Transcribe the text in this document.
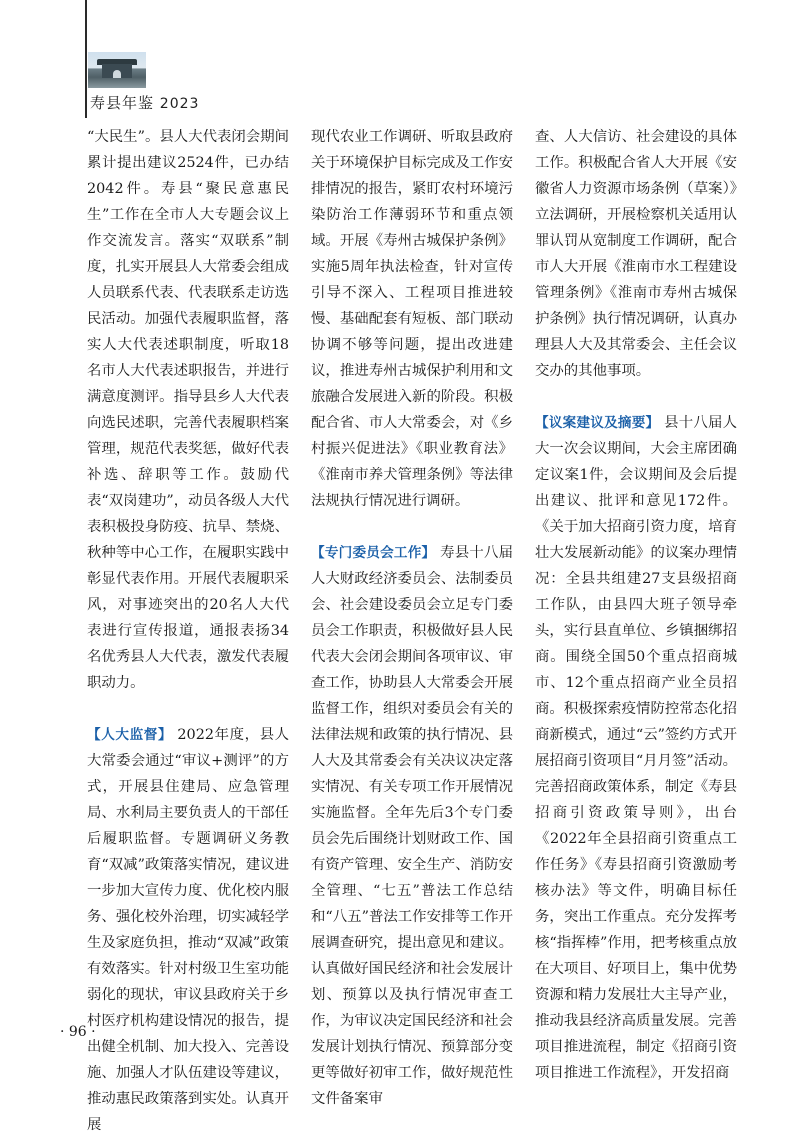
寿县年鉴 2023

“大民生”。县人大代表闭会期间累计提出建议2524件，已办结2042件。寿县“聚民意惠民生”工作在全市人大专题会议上作交流发言。落实“双联系”制度，扎实开展县人大常委会组成人员联系代表、代表联系走访选民活动。加强代表履职监督，落实人大代表述职制度，听取18名市人大代表述职报告，并进行满意度测评。指导县乡人大代表向选民述职，完善代表履职档案管理，规范代表奖惩，做好代表补选、辞职等工作。鼓励代表“双岗建功”，动员各级人大代表积极投身防疫、抗旱、禁烧、秋种等中心工作，在履职实践中彰显代表作用。开展代表履职采风，对事迹突出的20名人大代表进行宣传报道，通报表扬34名优秀县人大代表，激发代表履职动力。

【人大监督】 2022年度，县人大常委会通过“审议+测评”的方式，开展县住建局、应急管理局、水利局主要负责人的干部任后履职监督。专题调研义务教育“双减”政策落实情况，建议进一步加大宣传力度、优化校内服务、强化校外治理，切实减轻学生及家庭负担，推动“双减”政策有效落实。针对村级卫生室功能弱化的现状，审议县政府关于乡村医疗机构建设情况的报告，提出健全机制、加大投入、完善设施、加强人才队伍建设等建议，推动惠民政策落到实处。认真开展

现代农业工作调研、听取县政府关于环境保护目标完成及工作安排情况的报告，紧盯农村环境污染防治工作薄弱环节和重点领域。开展《寿州古城保护条例》实施5周年执法检查，针对宣传引导不深入、工程项目推进较慢、基础配套有短板、部门联动协调不够等问题，提出改进建议，推进寿州古城保护利用和文旅融合发展进入新的阶段。积极配合省、市人大常委会，对《乡村振兴促进法》《职业教育法》《淮南市养犬管理条例》等法律法规执行情况进行调研。

【专门委员会工作】 寿县十八届人大财政经济委员会、法制委员会、社会建设委员会立足专门委员会工作职责，积极做好县人民代表大会闭会期间各项审议、审查工作，协助县人大常委会开展监督工作，组织对委员会有关的法律法规和政策的执行情况、县人大及其常委会有关决议决定落实情况、有关专项工作开展情况实施监督。全年先后3个专门委员会先后围绕计划财政工作、国有资产管理、安全生产、消防安全管理、“七五”普法工作总结和“八五”普法工作安排等工作开展调查研究，提出意见和建议。认真做好国民经济和社会发展计划、预算以及执行情况审查工作，为审议决定国民经济和社会发展计划执行情况、预算部分变更等做好初审工作，做好规范性文件备案审

查、人大信访、社会建设的具体工作。积极配合省人大开展《安徽省人力资源市场条例（草案）》立法调研，开展检察机关适用认罪认罚从宽制度工作调研，配合市人大开展《淮南市水工程建设管理条例》《淮南市寿州古城保护条例》执行情况调研，认真办理县人大及其常委会、主任会议交办的其他事项。

【议案建议及摘要】 县十八届人大一次会议期间，大会主席团确定议案1件，会议期间及会后提出建议、批评和意见172件。《关于加大招商引资力度，培育壮大发展新动能》的议案办理情况：全县共组建27支县级招商工作队，由县四大班子领导牵头，实行县直单位、乡镇捆绑招商。围绕全国50个重点招商城市、12个重点招商产业全员招商。积极探索疫情防控常态化招商新模式，通过“云”签约方式开展招商引资项目“月月签”活动。完善招商政策体系，制定《寿县招商引资政策导则》，出台《2022年全县招商引资重点工作任务》《寿县招商引资激励考核办法》等文件，明确目标任务，突出工作重点。充分发挥考核“指挥棒”作用，把考核重点放在大项目、好项目上，集中优势资源和精力发展壮大主导产业，推动我县经济高质量发展。完善项目推进流程，制定《招商引资项目推进工作流程》，开发招商

· 96 ·
